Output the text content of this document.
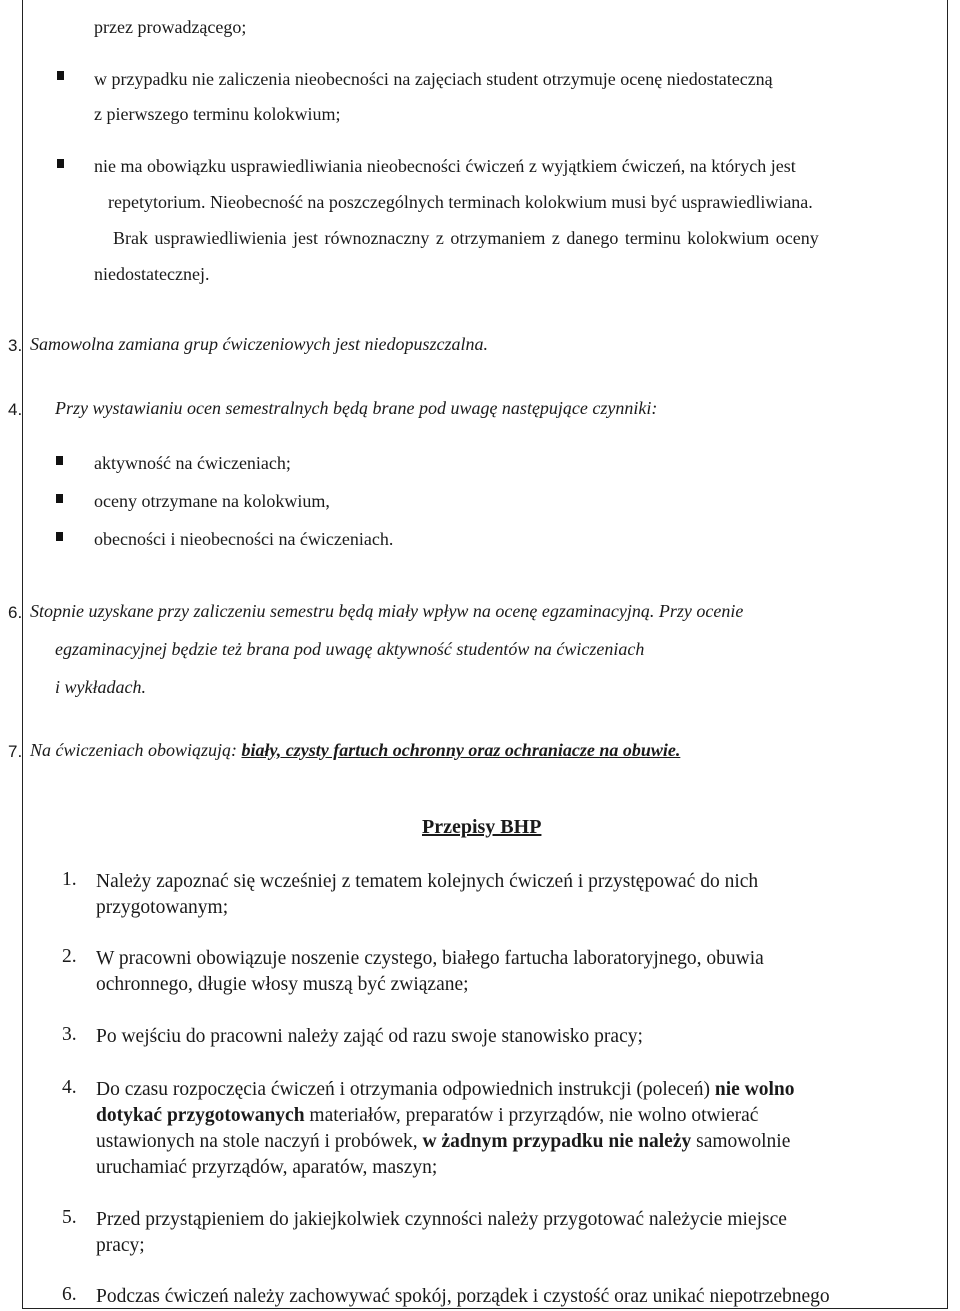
przez prowadzącego;
w przypadku nie zaliczenia nieobecności na zajęciach student otrzymuje ocenę niedostateczną
z pierwszego terminu kolokwium;
nie ma obowiązku usprawiedliwiania nieobecności ćwiczeń z wyjątkiem ćwiczeń, na których jest
repetytorium. Nieobecność na poszczególnych terminach kolokwium musi być usprawiedliwiana.
Brak usprawiedliwienia jest równoznaczny z otrzymaniem z danego terminu kolokwium oceny
niedostatecznej.
3. Samowolna zamiana grup ćwiczeniowych jest niedopuszczalna.
4. Przy wystawianiu ocen semestralnych będą brane pod uwagę następujące czynniki:
aktywność na ćwiczeniach;
oceny otrzymane na kolokwium,
obecności i nieobecności na ćwiczeniach.
6. Stopnie uzyskane przy zaliczeniu semestru będą miały wpływ na ocenę egzaminacyjną. Przy ocenie
egzaminacyjnej będzie też brana pod uwagę aktywność studentów na ćwiczeniach
i wykładach.
7. Na ćwiczeniach obowiązują: biały, czysty fartuch ochronny oraz ochraniacze na obuwie.
Przepisy BHP
1. Należy zapoznać się wcześniej z tematem kolejnych ćwiczeń i przystępować do nich
przygotowanym;
2. W pracowni obowiązuje noszenie czystego, białego fartucha laboratoryjnego, obuwia
ochronnego, długie włosy muszą być związane;
3. Po wejściu do pracowni należy zająć od razu swoje stanowisko pracy;
4. Do czasu rozpoczęcia ćwiczeń i otrzymania odpowiednich instrukcji (poleceń) nie wolno
dotykać przygotowanych materiałów, preparatów i przyrządów, nie wolno otwierać
ustawionych na stole naczyń i probówek, w żadnym przypadku nie należy samowolnie
uruchamiać przyrządów, aparatów, maszyn;
5. Przed przystąpieniem do jakiejkolwiek czynności należy przygotować należycie miejsce
pracy;
6. Podczas ćwiczeń należy zachowywać spokój, porządek i czystość oraz unikać niepotrzebnego
